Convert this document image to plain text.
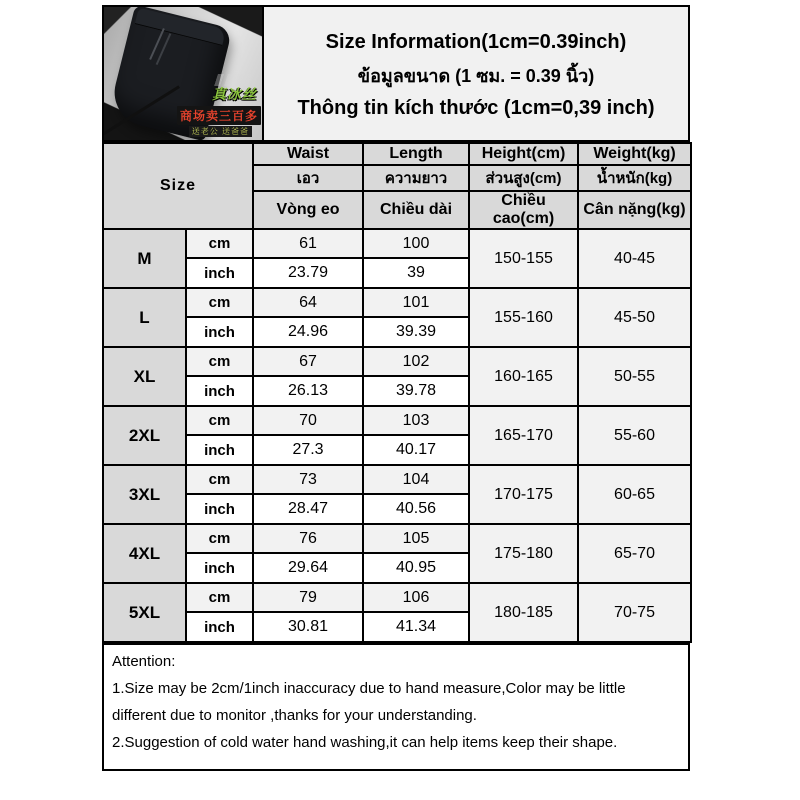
真冰丝
商场卖三百多
送老公 送爸爸
Size Information(1cm=0.39inch)
ข้อมูลขนาด (1 ซม. = 0.39 นิ้ว)
Thông tin kích thước (1cm=0,39 inch)
Size		Waist	Length	Height(cm)	Weight(kg)
		เอว	ความยาว	ส่วนสูง(cm)	น้ำหนัก(kg)
		Vòng eo	Chiều dài	Chiều cao(cm)	Cân nặng(kg)
M	cm	61	100	150-155	40-45
	inch	23.79	39		
L	cm	64	101	155-160	45-50
	inch	24.96	39.39		
XL	cm	67	102	160-165	50-55
	inch	26.13	39.78		
2XL	cm	70	103	165-170	55-60
	inch	27.3	40.17		
3XL	cm	73	104	170-175	60-65
	inch	28.47	40.56		
4XL	cm	76	105	175-180	65-70
	inch	29.64	40.95		
5XL	cm	79	106	180-185	70-75
	inch	30.81	41.34		
Attention:
1.Size may be 2cm/1inch inaccuracy due to hand measure,Color may be little different due to monitor ,thanks for your understanding.
2.Suggestion of cold water hand washing,it can help items keep their shape.
